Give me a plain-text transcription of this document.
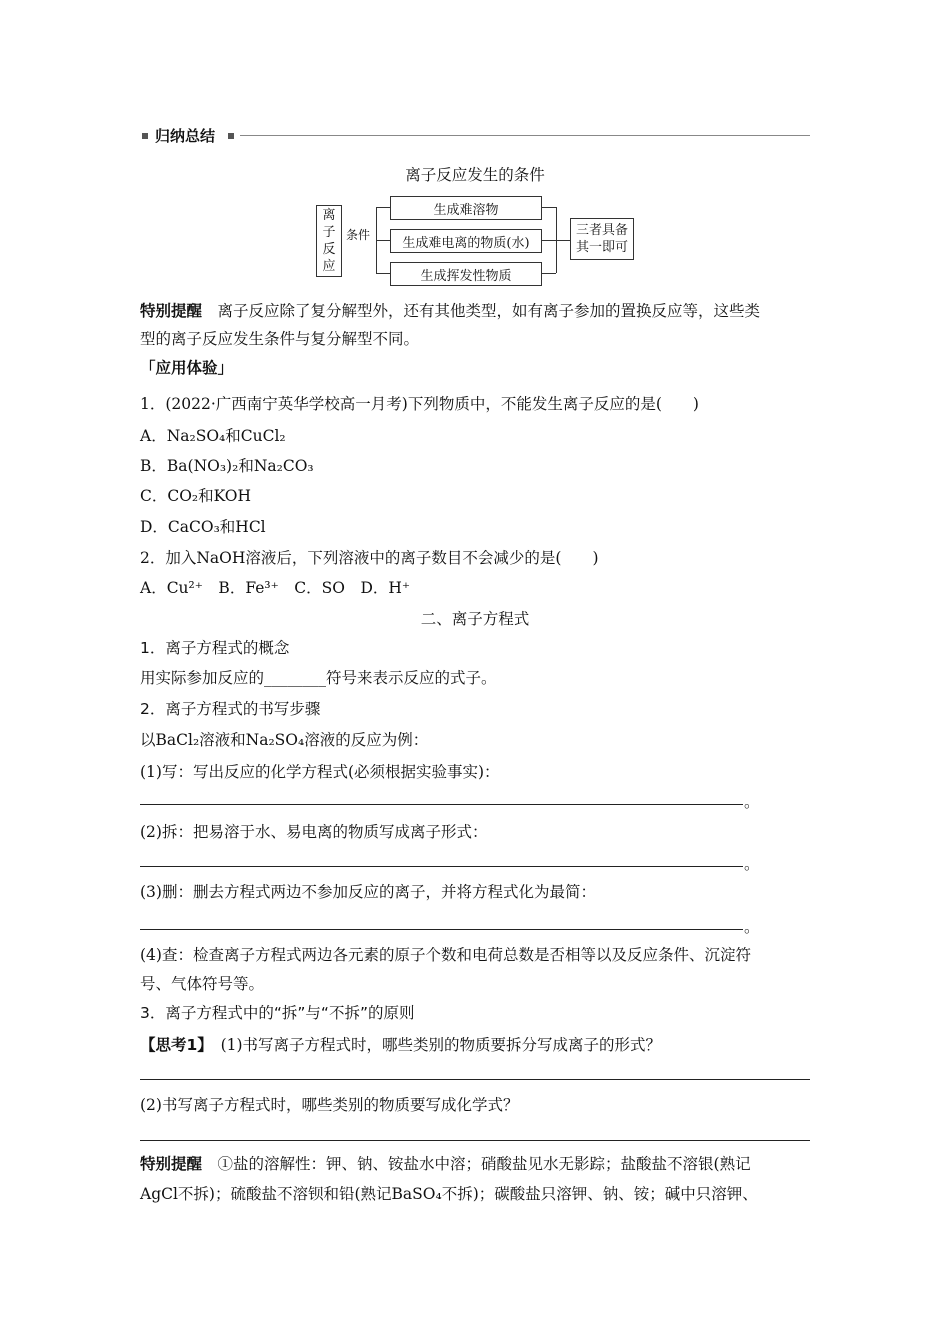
归纳总结
离子反应发生的条件
离子反应
条件
生成难溶物
生成难电离的物质(水)
生成挥发性物质
三者具备其一即可
特别提醒　 离子反应除了复分解型外，还有其他类型，如有离子参加的置换反应等，这些类
型的离子反应发生条件与复分解型不同。
「应用体验」
1．(2022·广西南宁英华学校高一月考)下列物质中，不能发生离子反应的是(　　)
A．Na₂SO₄和CuCl₂
B．Ba(NO₃)₂和Na₂CO₃
C．CO₂和KOH
D．CaCO₃和HCl
2．加入NaOH溶液后，下列溶液中的离子数目不会减少的是(　　)
A．Cu²⁺　B．Fe³⁺　C．SO　D．H⁺
二、离子方程式
1．离子方程式的概念
用实际参加反应的________符号来表示反应的式子。
2．离子方程式的书写步骤
以BaCl₂溶液和Na₂SO₄溶液的反应为例：
(1)写：写出反应的化学方程式(必须根据实验事实)：
。
(2)拆：把易溶于水、易电离的物质写成离子形式：
。
(3)删：删去方程式两边不参加反应的离子，并将方程式化为最简：
。
(4)查：检查离子方程式两边各元素的原子个数和电荷总数是否相等以及反应条件、沉淀符
号、气体符号等。
3．离子方程式中的“拆”与“不拆”的原则
【思考1】　 (1)书写离子方程式时，哪些类别的物质要拆分写成离子的形式？
(2)书写离子方程式时，哪些类别的物质要写成化学式？
特别提醒　 ①盐的溶解性：钾、钠、铵盐水中溶；硝酸盐见水无影踪；盐酸盐不溶银(熟记
AgCl不拆)；硫酸盐不溶钡和铅(熟记BaSO₄不拆)；碳酸盐只溶钾、钠、铵；碱中只溶钾、
